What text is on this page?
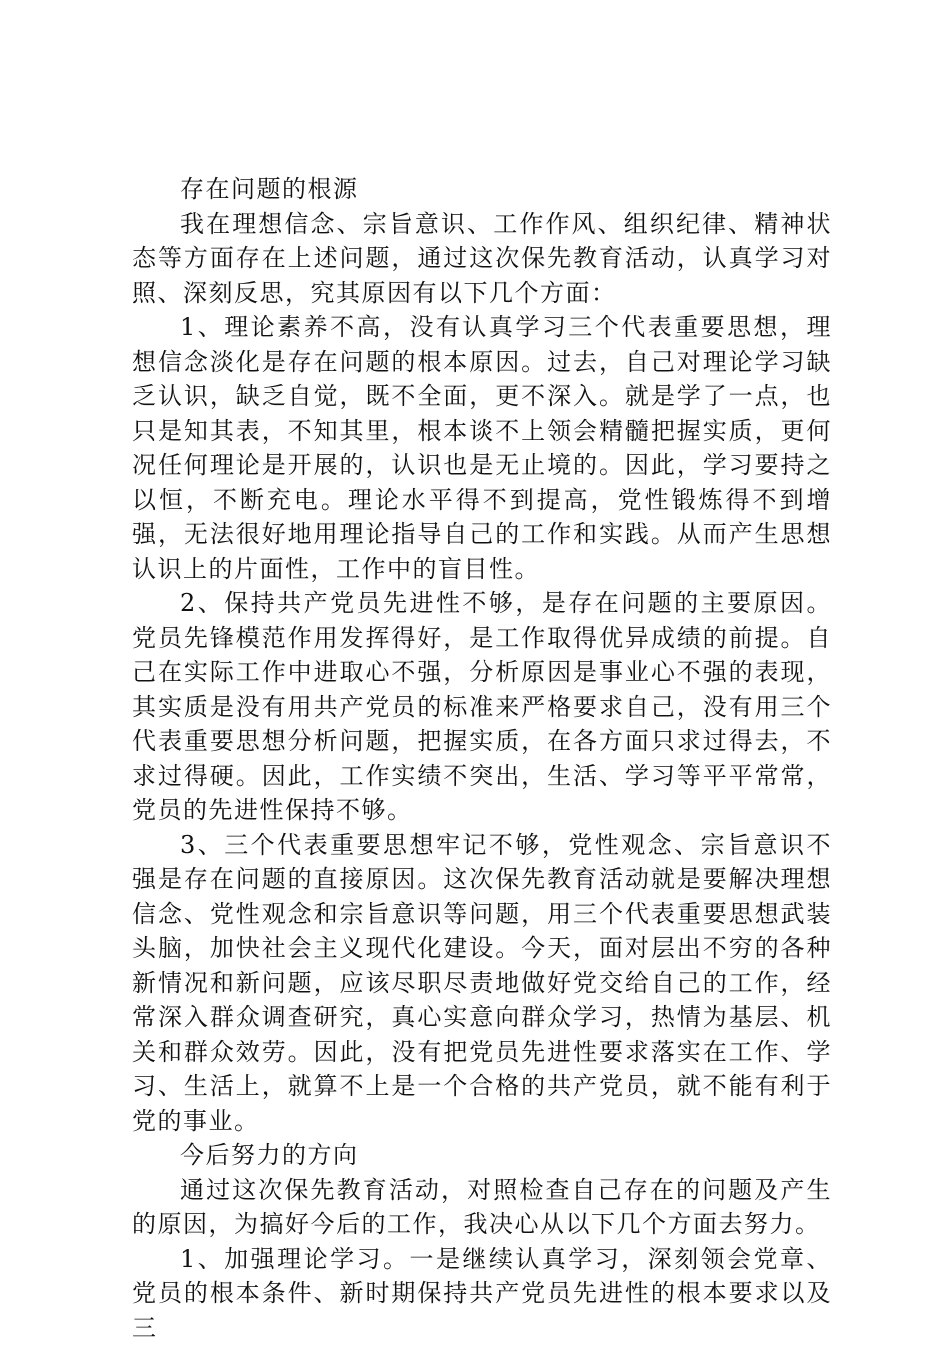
存在问题的根源

我在理想信念、宗旨意识、工作作风、组织纪律、精神状态等方面存在上述问题，通过这次保先教育活动，认真学习对照、深刻反思，究其原因有以下几个方面：

1、理论素养不高，没有认真学习三个代表重要思想，理想信念淡化是存在问题的根本原因。过去，自己对理论学习缺乏认识，缺乏自觉，既不全面，更不深入。就是学了一点，也只是知其表，不知其里，根本谈不上领会精髓把握实质，更何况任何理论是开展的，认识也是无止境的。因此，学习要持之以恒，不断充电。理论水平得不到提高，党性锻炼得不到增强，无法很好地用理论指导自己的工作和实践。从而产生思想认识上的片面性，工作中的盲目性。

2、保持共产党员先进性不够，是存在问题的主要原因。党员先锋模范作用发挥得好，是工作取得优异成绩的前提。自己在实际工作中进取心不强，分析原因是事业心不强的表现，其实质是没有用共产党员的标准来严格要求自己，没有用三个代表重要思想分析问题，把握实质，在各方面只求过得去，不求过得硬。因此，工作实绩不突出，生活、学习等平平常常，党员的先进性保持不够。

3、三个代表重要思想牢记不够，党性观念、宗旨意识不强是存在问题的直接原因。这次保先教育活动就是要解决理想信念、党性观念和宗旨意识等问题，用三个代表重要思想武装头脑，加快社会主义现代化建设。今天，面对层出不穷的各种新情况和新问题，应该尽职尽责地做好党交给自己的工作，经常深入群众调查研究，真心实意向群众学习，热情为基层、机关和群众效劳。因此，没有把党员先进性要求落实在工作、学习、生活上，就算不上是一个合格的共产党员，就不能有利于党的事业。

今后努力的方向

通过这次保先教育活动，对照检查自己存在的问题及产生的原因，为搞好今后的工作，我决心从以下几个方面去努力。

1、加强理论学习。一是继续认真学习，深刻领会党章、党员的根本条件、新时期保持共产党员先进性的根本要求以及三
